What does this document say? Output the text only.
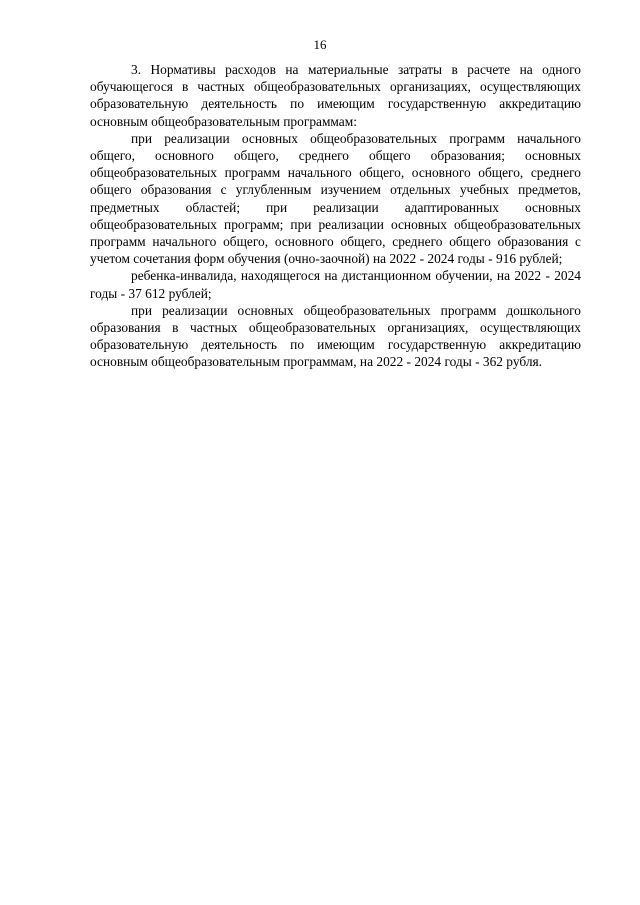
16

3. Нормативы расходов на материальные затраты в расчете на одного обучающегося в частных общеобразовательных организациях, осуществляющих образовательную деятельность по имеющим государственную аккредитацию основным общеобразовательным программам:

при реализации основных общеобразовательных программ начального общего, основного общего, среднего общего образования; основных общеобразовательных программ начального общего, основного общего, среднего общего образования с углубленным изучением отдельных учебных предметов, предметных областей; при реализации адаптированных основных общеобразовательных программ; при реализации основных общеобразовательных программ начального общего, основного общего, среднего общего образования с учетом сочетания форм обучения (очно-заочной) на 2022 - 2024 годы - 916 рублей;

ребенка-инвалида, находящегося на дистанционном обучении, на 2022 - 2024 годы - 37 612 рублей;

при реализации основных общеобразовательных программ дошкольного образования в частных общеобразовательных организациях, осуществляющих образовательную деятельность по имеющим государственную аккредитацию основным общеобразовательным программам, на 2022 - 2024 годы - 362 рубля.
